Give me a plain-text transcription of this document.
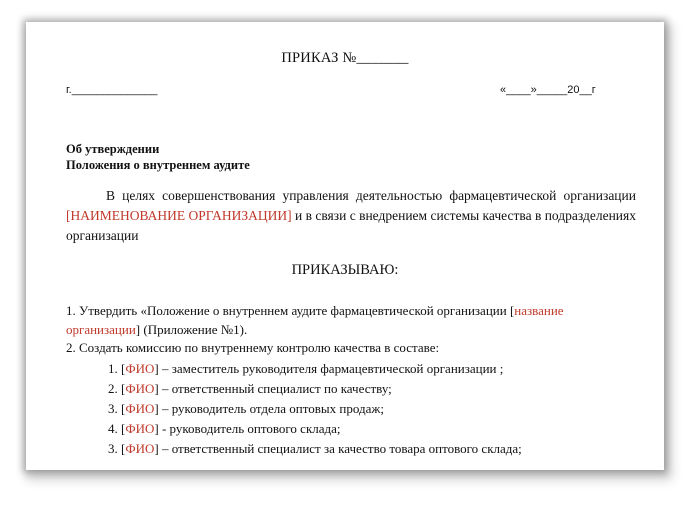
ПРИКАЗ №_______
г.______________	«____»_____20__г
Об утверждении
Положения о внутреннем аудите
В целях совершенствования управления деятельностью фармацевтической организации [НАИМЕНОВАНИЕ ОРГАНИЗАЦИИ] и в связи с внедрением системы качества в подразделениях организации
ПРИКАЗЫВАЮ:
1. Утвердить «Положение о внутреннем аудите фармацевтической организации [название организации] (Приложение №1).
2. Создать комиссию по внутреннему контролю качества в составе:
1. [ФИО] – заместитель руководителя фармацевтической организации ;
2. [ФИО] – ответственный специалист по качеству;
3. [ФИО] – руководитель отдела оптовых продаж;
4. [ФИО] - руководитель оптового склада;
3. [ФИО] – ответственный специалист за качество товара оптового склада;
